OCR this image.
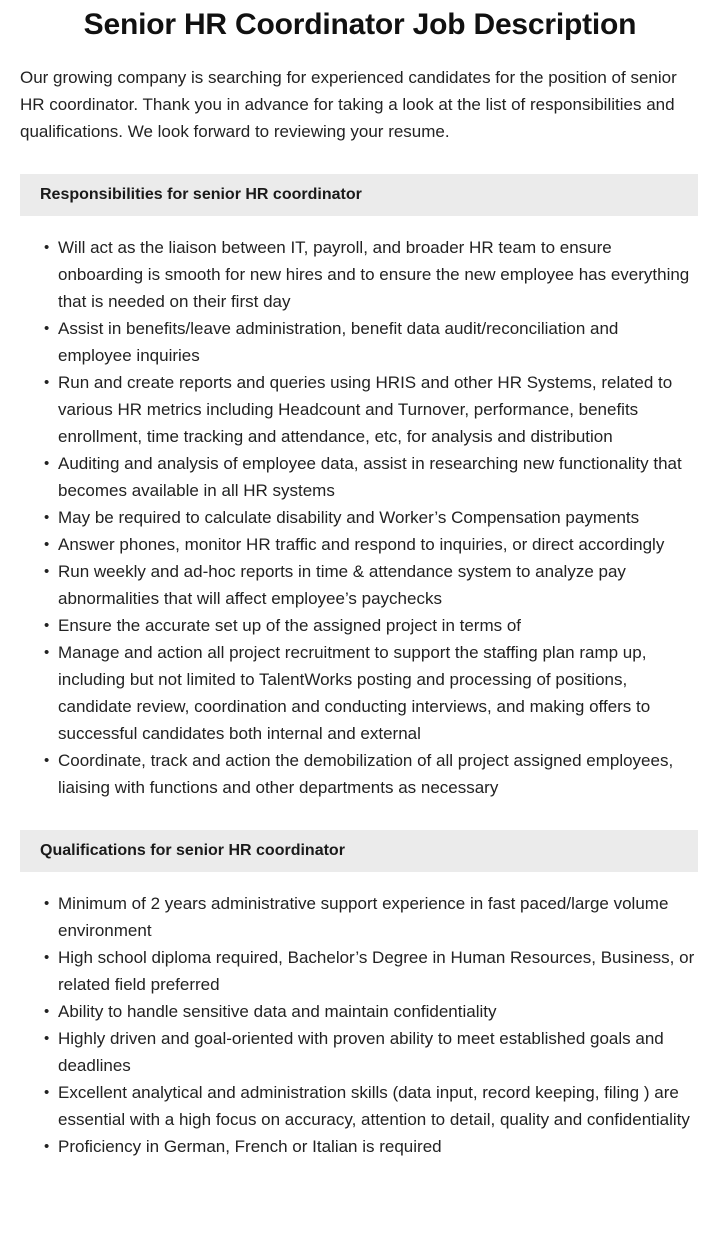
Senior HR Coordinator Job Description

Our growing company is searching for experienced candidates for the position of senior HR coordinator. Thank you in advance for taking a look at the list of responsibilities and qualifications. We look forward to reviewing your resume.

Responsibilities for senior HR coordinator
• Will act as the liaison between IT, payroll, and broader HR team to ensure onboarding is smooth for new hires and to ensure the new employee has everything that is needed on their first day
• Assist in benefits/leave administration, benefit data audit/reconciliation and employee inquiries
• Run and create reports and queries using HRIS and other HR Systems, related to various HR metrics including Headcount and Turnover, performance, benefits enrollment, time tracking and attendance, etc, for analysis and distribution
• Auditing and analysis of employee data, assist in researching new functionality that becomes available in all HR systems
• May be required to calculate disability and Worker’s Compensation payments
• Answer phones, monitor HR traffic and respond to inquiries, or direct accordingly
• Run weekly and ad-hoc reports in time & attendance system to analyze pay abnormalities that will affect employee’s paychecks
• Ensure the accurate set up of the assigned project in terms of
• Manage and action all project recruitment to support the staffing plan ramp up, including but not limited to TalentWorks posting and processing of positions, candidate review, coordination and conducting interviews, and making offers to successful candidates both internal and external
• Coordinate, track and action the demobilization of all project assigned employees, liaising with functions and other departments as necessary
Qualifications for senior HR coordinator
• Minimum of 2 years administrative support experience in fast paced/large volume environment
• High school diploma required, Bachelor’s Degree in Human Resources, Business, or related field preferred
• Ability to handle sensitive data and maintain confidentiality
• Highly driven and goal-oriented with proven ability to meet established goals and deadlines
• Excellent analytical and administration skills (data input, record keeping, filing ) are essential with a high focus on accuracy, attention to detail, quality and confidentiality
• Proficiency in German, French or Italian is required
